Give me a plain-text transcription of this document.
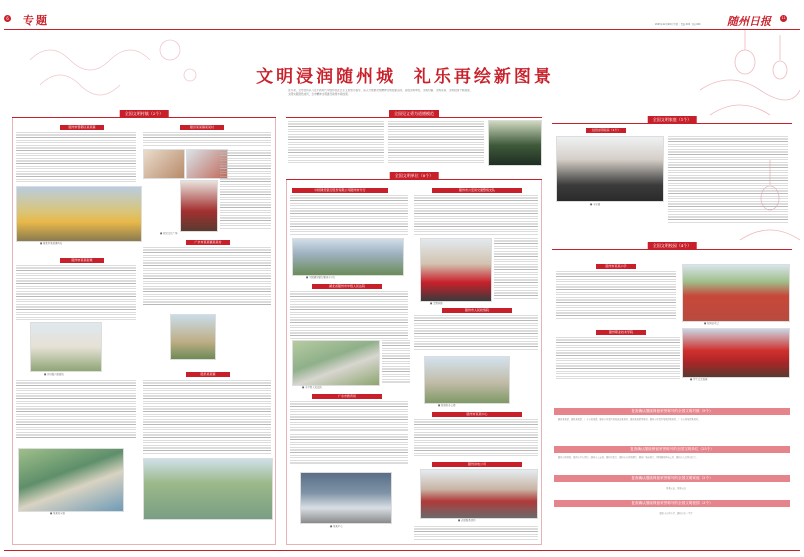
6 专题	2023年12月20日 星期三 责编:XXX 美编:XXX 随州日报	11
文明浸润随州城  礼乐再绘新图景
近年来，全市坚持以习近平新时代中国特色社会主义思想为指导，深入开展群众性精神文明创建活动，各级文明单位、文明村镇、文明家庭、文明校园不断涌现，文明实践蔚然成风，全市精神文明建设取得丰硕成果。
全国文明村镇（2个）
随州市曾都区某某镇	随县某某镇某某村
■ 曾都区某某镇风光
■ 村民文化广场
广水市某某镇某某村
随州市某某街道
■ 乡村振兴新面貌	随县某某镇
■ 某某村全景
全国见义勇为道德模范
全国文明单位（8个）
中国建设银行股份有限公司随州市分行
■ 中国建设银行随州市分行
随州市公安局交通警察支队
■ 交警执勤
湖北省随州市中级人民法院
■ 市中级人民法院
随州市人民检察院
■ 检察院办公楼
广水市教育局
■ 某某中心
随州市某某中心
随州供电公司
■ 志愿服务活动
全国文明家庭（1个）
全国文明家庭（1个）
■ 全家福
全国文明校园（4个）
随州市某某小学
■ 校园运动会
随州职业技术学院
■ 学生文艺表演
复查确认继续保留荣誉称号的全国文明村镇（9个）
随县某某镇、随县某某镇、广水市某某镇、随州市曾都区某某街道某某村、随县某某镇某某村、随州市曾都区某某镇某某村、广水市某某镇某某村。
复查确认继续保留荣誉称号的全国文明单位（25个）
随州市税务局、随州市中心医院、随州市公安局、随州日报社、随州市妇幼保健院、随州广播电视台、国网随州供电公司、随州市人民检察院等。
复查确认继续保留荣誉称号的全国文明家庭（2个）
某某家庭、某某家庭
复查确认继续保留荣誉称号的全国文明校园（3个）
随州市实验小学、随州市第一中学
